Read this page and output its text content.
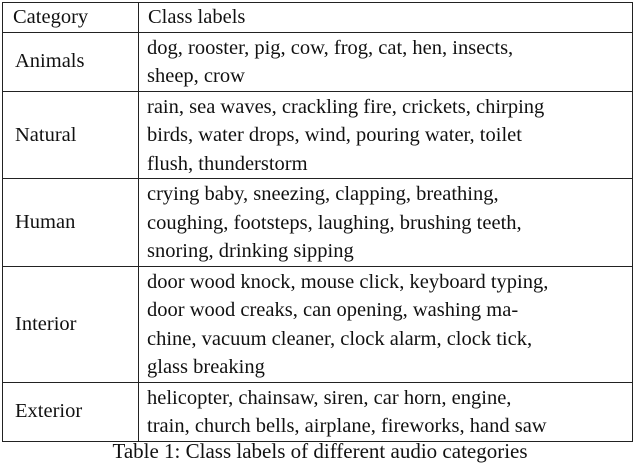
Category	Class labels
Animals	dog, rooster, pig, cow, frog, cat, hen, insects,
sheep, crow
Natural	rain, sea waves, crackling fire, crickets, chirping
birds, water drops, wind, pouring water, toilet
flush, thunderstorm
Human	crying baby, sneezing, clapping, breathing,
coughing, footsteps, laughing, brushing teeth,
snoring, drinking sipping
Interior	door wood knock, mouse click, keyboard typing,
door wood creaks, can opening, washing ma-
chine, vacuum cleaner, clock alarm, clock tick,
glass breaking
Exterior	helicopter, chainsaw, siren, car horn, engine,
train, church bells, airplane, fireworks, hand saw
Table 1: Class labels of different audio categories
